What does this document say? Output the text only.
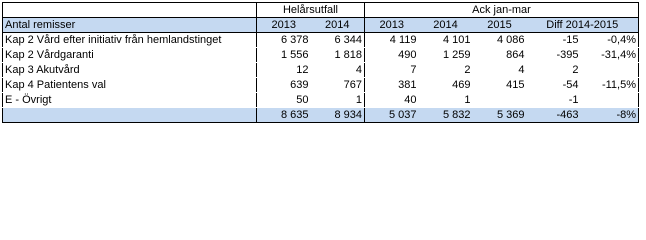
	Helårsutfall		Ack jan-mar				
Antal remisser	2013	2014	2013	2014	2015	Diff 2014-2015	
Kap 2 Vård efter initiativ från hemlandstinget	6 378	6 344	4 119	4 101	4 086	-15	-0,4%
Kap 2 Vårdgaranti	1 556	1 818	490	1 259	864	-395	-31,4%
Kap 3 Akutvård	12	4	7	2	4	2	
Kap 4 Patientens val	639	767	381	469	415	-54	-11,5%
E - Övrigt	50	1	40	1		-1	
	8 635	8 934	5 037	5 832	5 369	-463	-8%
